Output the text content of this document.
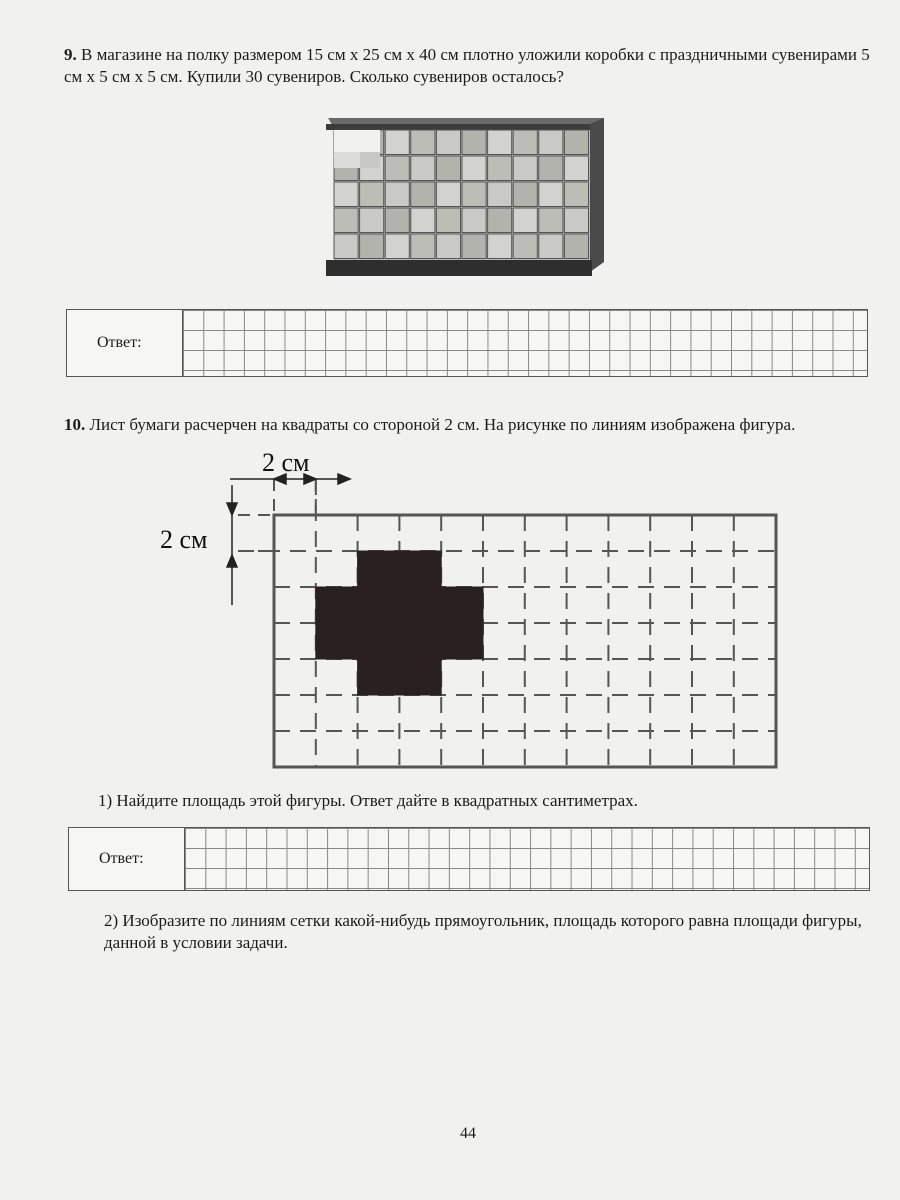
9. В магазине на полку размером 15 см х 25 см х 40 см плотно уложили коробки с праздничными сувенирами 5 см х 5 см х 5 см. Купили 30 сувениров. Сколько сувениров осталось?
Ответ:
10. Лист бумаги расчерчен на квадраты со стороной 2 см. На рисунке по линиям изображена фигура.
2 см
2 см
1) Найдите площадь этой фигуры. Ответ дайте в квадратных сантиметрах.
Ответ:
2) Изобразите по линиям сетки какой-нибудь прямоугольник, площадь которого равна площади фигуры, данной в условии задачи.
44
